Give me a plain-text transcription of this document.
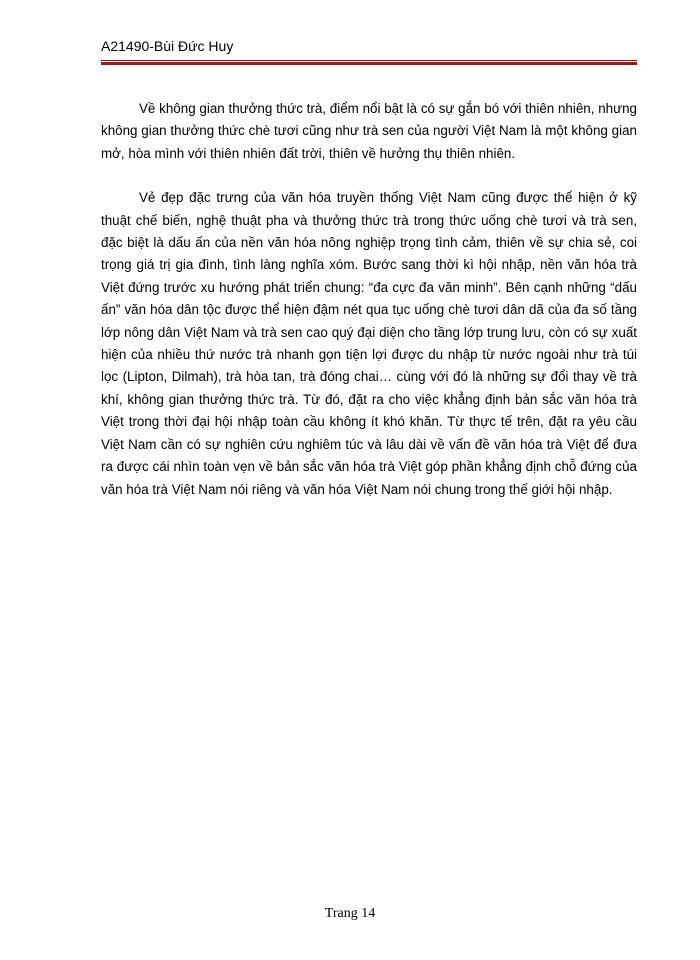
A21490-Bùi Đức Huy

Về không gian thưởng thức trà, điểm nổi bật là có sự gắn bó với thiên nhiên, nhưng không gian thưởng thức chè tươi cũng như trà sen của người Việt Nam là một không gian mở, hòa mình với thiên nhiên đất trời, thiên về hưởng thụ thiên nhiên.

Vẻ đẹp đặc trưng của văn hóa truyền thống Việt Nam cũng được thể hiện ở kỹ thuật chế biến, nghệ thuật pha và thưởng thức trà trong thức uống chè tươi và trà sen, đặc biệt là dấu ấn của nền văn hóa nông nghiệp trọng tình cảm, thiên về sự chia sẻ, coi trọng giá trị gia đình, tình làng nghĩa xóm. Bước sang thời kì hội nhập, nền văn hóa trà Việt đứng trước xu hướng phát triển chung: “đa cực đa văn minh”. Bên cạnh những “dấu ấn” văn hóa dân tộc được thể hiện đậm nét qua tục uống chè tươi dân dã của đa số tầng lớp nông dân Việt Nam và trà sen cao quý đại diện cho tầng lớp trung lưu, còn có sự xuất hiện của nhiều thứ nước trà nhanh gọn tiện lợi được du nhập từ nước ngoài như trà túi lọc (Lipton, Dilmah), trà hòa tan, trà đóng chai… cùng với đó là những sự đổi thay về trà khí, không gian thưởng thức trà. Từ đó, đặt ra cho việc khẳng định bản sắc văn hóa trà Việt trong thời đại hội nhập toàn cầu không ít khó khăn. Từ thực tế trên, đặt ra yêu cầu Việt Nam cần có sự nghiên cứu nghiêm túc và lâu dài về vấn đề văn hóa trà Việt để đưa ra được cái nhìn toàn vẹn về bản sắc văn hóa trà Việt góp phần khẳng định chỗ đứng của văn hóa trà Việt Nam nói riêng và văn hóa Việt Nam nói chung trong thế giới hội nhập.

Trang 14
